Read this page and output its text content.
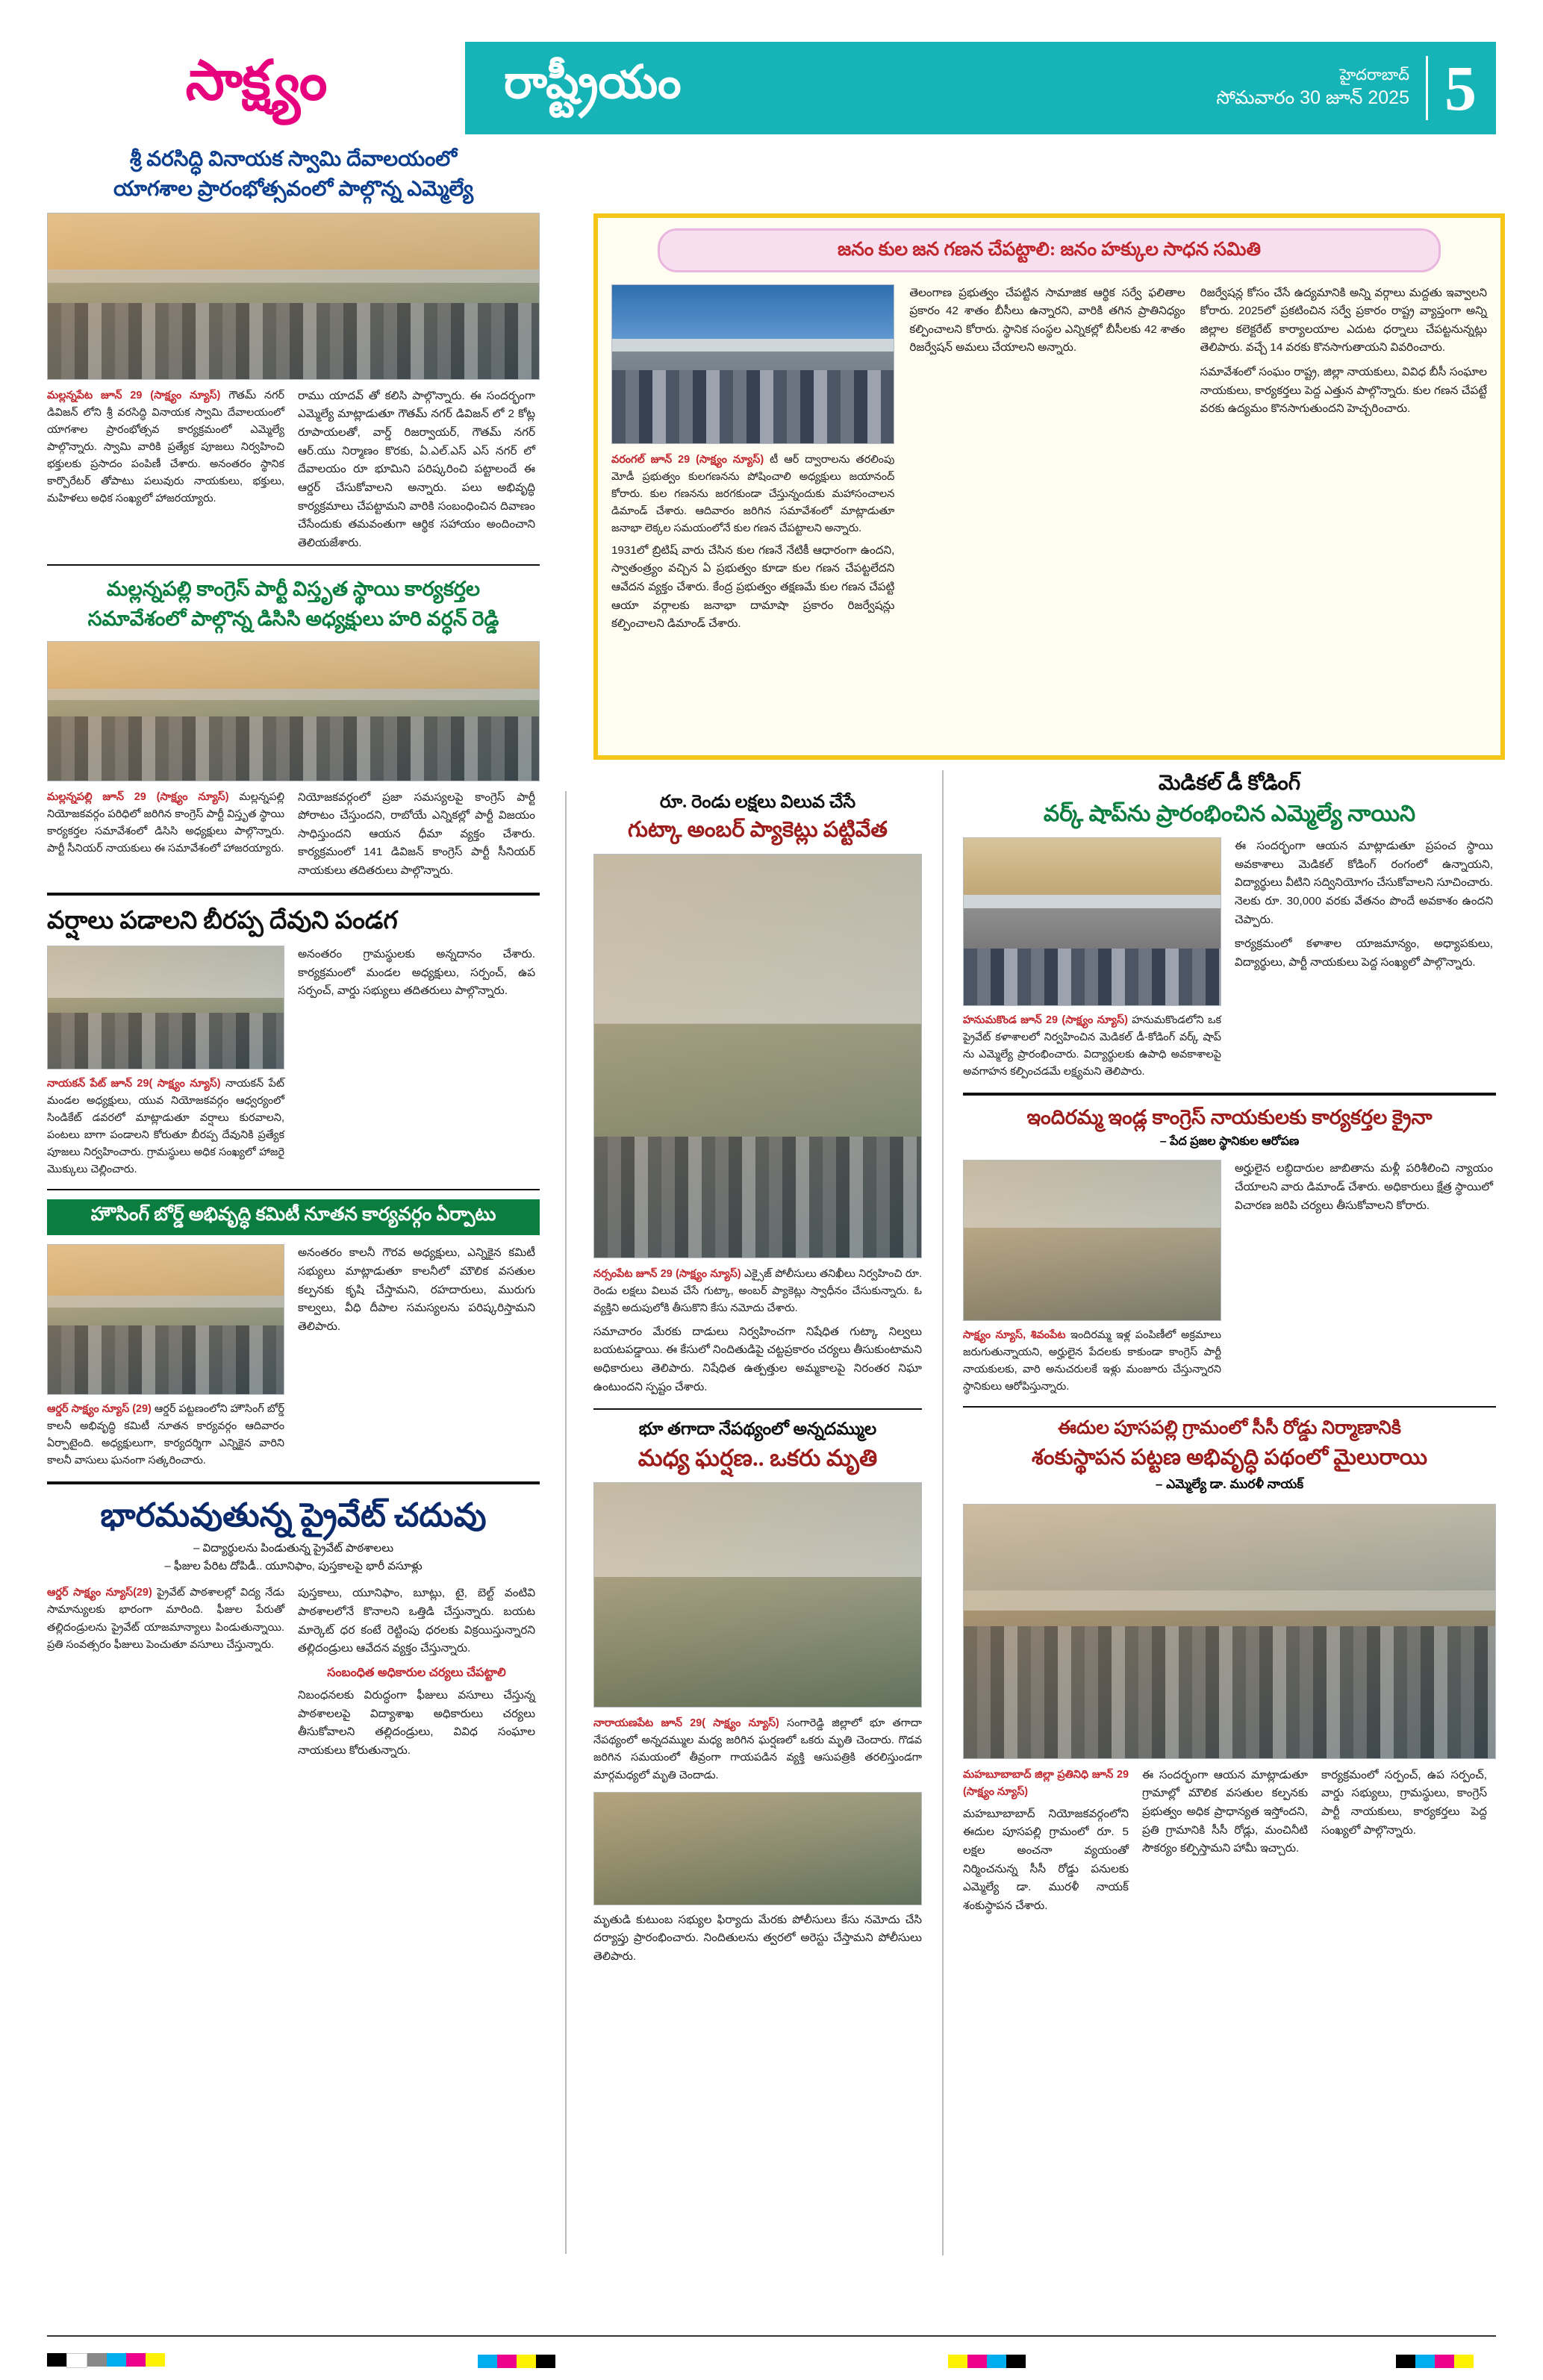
సాక్ష్యం	రాష్ట్రీయం	హైదరాబాద్
సోమవారం 30 జూన్ 2025 5
శ్రీ వరసిద్ధి వినాయక స్వామి దేవాలయంలో
యాగశాల ప్రారంభోత్సవంలో పాల్గొన్న ఎమ్మెల్యే
మల్లన్నపేట జూన్ 29 (సాక్ష్యం న్యూస్) గౌతమ్ నగర్ డివిజన్ లోని శ్రీ వరసిద్ధి వినాయక స్వామి దేవాలయంలో యాగశాల ప్రారంభోత్సవ కార్యక్రమంలో ఎమ్మెల్యే పాల్గొన్నారు. స్వామి వారికి ప్రత్యేక పూజలు నిర్వహించి భక్తులకు ప్రసాదం పంపిణీ చేశారు. అనంతరం స్థానిక కార్పొరేటర్ తోపాటు పలువురు నాయకులు, భక్తులు, మహిళలు అధిక సంఖ్యలో హాజరయ్యారు.
రాము యాదవ్ తో కలిసి పాల్గొన్నారు. ఈ సందర్భంగా ఎమ్మెల్యే మాట్లాడుతూ గౌతమ్ నగర్ డివిజన్ లో 2 కోట్ల రూపాయలతో, వార్డ్ రిజర్వాయర్, గౌతమ్ నగర్ ఆర్.యు నిర్మాణం కొరకు, ఏ.ఎల్.ఎస్ ఎస్ నగర్ లో దేవాలయం రూ భూమిని పరిష్కరించి పట్టాలందే ఈ ఆర్డర్ చేసుకోవాలని అన్నారు. పలు అభివృద్ధి కార్యక్రమాలు చేపట్టామని వారికి సంబంధించిన దివాణం చేసేందుకు తమవంతుగా ఆర్థిక సహాయం అందించాని తెలియజేశారు.
మల్లన్నపల్లి కాంగ్రెస్ పార్టీ విస్తృత స్థాయి కార్యకర్తల
సమావేశంలో పాల్గొన్న డిసిసి అధ్యక్షులు హరి వర్ధన్ రెడ్డి
మల్లన్నపల్లి జూన్ 29 (సాక్ష్యం న్యూస్) మల్లన్నపల్లి నియోజకవర్గం పరిధిలో జరిగిన కాంగ్రెస్ పార్టీ విస్తృత స్థాయి కార్యకర్తల సమావేశంలో డిసిసి అధ్యక్షులు పాల్గొన్నారు. పార్టీ సీనియర్ నాయకులు ఈ సమావేశంలో హాజరయ్యారు.
నియోజకవర్గంలో ప్రజా సమస్యలపై కాంగ్రెస్ పార్టీ పోరాటం చేస్తుందని, రాబోయే ఎన్నికల్లో పార్టీ విజయం సాధిస్తుందని ఆయన ధీమా వ్యక్తం చేశారు. కార్యక్రమంలో 141 డివిజన్ కాంగ్రెస్ పార్టీ సీనియర్ నాయకులు తదితరులు పాల్గొన్నారు.
వర్షాలు పడాలని బీరప్ప దేవుని పండగ
నాయకన్ పేట్ జూన్ 29( సాక్ష్యం న్యూస్) నాయకన్ పేట్ మండల అధ్యక్షులు, యువ నియోజకవర్గం ఆధ్వర్యంలో సిండికేట్ డ‌వ‌ర‌లో మాట్లాడుతూ వర్షాలు కురవాలని, పంటలు బాగా పండాలని కోరుతూ బీరప్ప దేవునికి ప్రత్యేక పూజలు నిర్వహించారు. గ్రామస్థులు అధిక సంఖ్యలో హాజరై మొక్కులు చెల్లించారు.
అనంతరం గ్రామస్థులకు అన్నదానం చేశారు. కార్యక్రమంలో మండల అధ్యక్షులు, సర్పంచ్, ఉప సర్పంచ్, వార్డు సభ్యులు తదితరులు పాల్గొన్నారు.
హౌసింగ్ బోర్డ్ అభివృద్ధి కమిటీ నూతన కార్యవర్గం ఏర్పాటు
ఆర్డర్ సాక్ష్యం న్యూస్ (29) ఆర్డర్ పట్టణంలోని హౌసింగ్ బోర్డ్ కాలనీ అభివృద్ధి కమిటీ నూతన కార్యవర్గం ఆదివారం ఏర్పాటైంది. అధ్యక్షులుగా, కార్యదర్శిగా ఎన్నికైన వారిని కాలనీ వాసులు ఘనంగా సత్కరించారు.
అనంతరం కాలనీ గౌరవ అధ్యక్షులు, ఎన్నికైన కమిటీ సభ్యులు మాట్లాడుతూ కాలనీలో మౌలిక వసతుల కల్పనకు కృషి చేస్తామని, రహదారులు, మురుగు కాల్వలు, వీధి దీపాల సమస్యలను పరిష్కరిస్తామని తెలిపారు.
భారమవుతున్న ప్రైవేట్ చదువు
– విద్యార్థులను పిండుతున్న ప్రైవేట్ పాఠశాలలు
– ఫీజుల పేరిట దోపిడీ.. యూనిఫాం, పుస్తకాలపై భారీ వసూళ్లు
ఆర్డర్ సాక్ష్యం న్యూస్(29) ప్రైవేట్ పాఠశాలల్లో విద్య నేడు సామాన్యులకు భారంగా మారింది. ఫీజుల పేరుతో తల్లిదండ్రులను ప్రైవేట్ యాజమాన్యాలు పిండుతున్నాయి. ప్రతి సంవత్సరం ఫీజులు పెంచుతూ వసూలు చేస్తున్నారు.
పుస్తకాలు, యూనిఫాం, బూట్లు, టై, బెల్ట్ వంటివి పాఠశాలలోనే కొనాలని ఒత్తిడి చేస్తున్నారు. బయట మార్కెట్ ధర కంటే రెట్టింపు ధరలకు విక్రయిస్తున్నారని తల్లిదండ్రులు ఆవేదన వ్యక్తం చేస్తున్నారు.
సంబంధిత అధికారుల చర్యలు చేపట్టాలి
నిబంధనలకు విరుద్ధంగా ఫీజులు వసూలు చేస్తున్న పాఠశాలలపై విద్యాశాఖ అధికారులు చర్యలు తీసుకోవాలని తల్లిదండ్రులు, వివిధ సంఘాల నాయకులు కోరుతున్నారు.
రూ. రెండు లక్షలు విలువ చేసే
గుట్కా అంబర్ ప్యాకెట్లు పట్టివేత
నర్సంపేట జూన్ 29 (సాక్ష్యం న్యూస్) ఎక్సైజ్ పోలీసులు తనిఖీలు నిర్వహించి రూ. రెండు లక్షలు విలువ చేసే గుట్కా, అంబర్ ప్యాకెట్లు స్వాధీనం చేసుకున్నారు. ఓ వ్యక్తిని అదుపులోకి తీసుకొని కేసు నమోదు చేశారు.
సమాచారం మేరకు దాడులు నిర్వహించగా నిషేధిత గుట్కా నిల్వలు బయటపడ్డాయి. ఈ కేసులో నిందితుడిపై చట్టప్రకారం చర్యలు తీసుకుంటామని అధికారులు తెలిపారు. నిషేధిత ఉత్పత్తుల అమ్మకాలపై నిరంతర నిఘా ఉంటుందని స్పష్టం చేశారు.
భూ తగాదా నేపథ్యంలో అన్నదమ్ముల
మధ్య ఘర్షణ.. ఒకరు మృతి
నారాయణపేట జూన్ 29( సాక్ష్యం న్యూస్) సంగారెడ్డి జిల్లాలో భూ తగాదా నేపథ్యంలో అన్నదమ్ముల మధ్య జరిగిన ఘర్షణలో ఒకరు మృతి చెందారు. గొడవ జరిగిన సమయంలో తీవ్రంగా గాయపడిన వ్యక్తి ఆసుపత్రికి తరలిస్తుండగా మార్గమధ్యలో మృతి చెందాడు.
మృతుడి కుటుంబ సభ్యుల ఫిర్యాదు మేరకు పోలీసులు కేసు నమోదు చేసి దర్యాప్తు ప్రారంభించారు. నిందితులను త్వరలో అరెస్టు చేస్తామని పోలీసులు తెలిపారు.
జనం కుల జన గణన చేపట్టాలి: జనం హక్కుల సాధన సమితి
వరంగల్ జూన్ 29 (సాక్ష్యం న్యూస్) టీ ఆర్ ద్వారాలను తరలింపు మోడీ ప్రభుత్వం కులగణనను పోషించాలి అధ్యక్షులు జయానంద్ కోరారు. కుల గణనను జరగకుండా చేస్తున్నందుకు మహాసంచాలన డిమాండ్ చేశారు. ఆదివారం జరిగిన సమావేశంలో మాట్లాడుతూ జనాభా లెక్కల సమయంలోనే కుల గణన చేపట్టాలని అన్నారు.
1931లో బ్రిటిష్ వారు చేసిన కుల గణనే నేటికీ ఆధారంగా ఉందని, స్వాతంత్ర్యం వచ్చిన ఏ ప్రభుత్వం కూడా కుల గణన చేపట్టలేదని ఆవేదన వ్యక్తం చేశారు. కేంద్ర ప్రభుత్వం తక్షణమే కుల గణన చేపట్టి ఆయా వర్గాలకు జనాభా దామాషా ప్రకారం రిజర్వేషన్లు కల్పించాలని డిమాండ్ చేశారు.
తెలంగాణ ప్రభుత్వం చేపట్టిన సామాజిక ఆర్థిక సర్వే ఫలితాల ప్రకారం 42 శాతం బీసీలు ఉన్నారని, వారికి తగిన ప్రాతినిధ్యం కల్పించాలని కోరారు. స్థానిక సంస్థల ఎన్నికల్లో బీసీలకు 42 శాతం రిజర్వేషన్ అమలు చేయాలని అన్నారు.
రిజర్వేషన్ల కోసం చేసే ఉద్యమానికి అన్ని వర్గాలు మద్దతు ఇవ్వాలని కోరారు. 2025లో ప్రకటించిన సర్వే ప్రకారం రాష్ట్ర వ్యాప్తంగా అన్ని జిల్లాల కలెక్టరేట్ కార్యాలయాల ఎదుట ధర్నాలు చేపట్టనున్నట్లు తెలిపారు. వచ్చే 14 వరకు కొనసాగుతాయని వివరించారు.
సమావేశంలో సంఘం రాష్ట్ర, జిల్లా నాయకులు, వివిధ బీసీ సంఘాల నాయకులు, కార్యకర్తలు పెద్ద ఎత్తున పాల్గొన్నారు. కుల గణన చేపట్టే వరకు ఉద్యమం కొనసాగుతుందని హెచ్చరించారు.
మెడికల్ డీ కోడింగ్
వర్క్ షాప్‌ను ప్రారంభించిన ఎమ్మెల్యే నాయిని
హనుమకొండ జూన్ 29 (సాక్ష్యం న్యూస్) హనుమకొండలోని ఒక ప్రైవేట్ కళాశాలలో నిర్వహించిన మెడికల్ డీ-కోడింగ్ వర్క్ షాప్ ను ఎమ్మెల్యే ప్రారంభించారు. విద్యార్థులకు ఉపాధి అవకాశాలపై అవగాహన కల్పించడమే లక్ష్యమని తెలిపారు.
ఈ సందర్భంగా ఆయన మాట్లాడుతూ ప్రపంచ స్థాయి అవకాశాలు మెడికల్ కోడింగ్ రంగంలో ఉన్నాయని, విద్యార్థులు వీటిని సద్వినియోగం చేసుకోవాలని సూచించారు. నెలకు రూ. 30,000 వరకు వేతనం పొందే అవకాశం ఉందని చెప్పారు.
కార్యక్రమంలో కళాశాల యాజమాన్యం, అధ్యాపకులు, విద్యార్థులు, పార్టీ నాయకులు పెద్ద సంఖ్యలో పాల్గొన్నారు.
ఇందిరమ్మ ఇండ్ల కాంగ్రెస్ నాయకులకు కార్యకర్తల క్రైనా
– పేద ప్రజల స్థానికుల ఆరోపణ
సాక్ష్యం న్యూస్, శివంపేట ఇందిరమ్మ ఇళ్ల పంపిణీలో అక్రమాలు జరుగుతున్నాయని, అర్హులైన పేదలకు కాకుండా కాంగ్రెస్ పార్టీ నాయకులకు, వారి అనుచరులకే ఇళ్లు మంజూరు చేస్తున్నారని స్థానికులు ఆరోపిస్తున్నారు.
అర్హులైన లబ్ధిదారుల జాబితాను మళ్లీ పరిశీలించి న్యాయం చేయాలని వారు డిమాండ్ చేశారు. అధికారులు క్షేత్ర స్థాయిలో విచారణ జరిపి చర్యలు తీసుకోవాలని కోరారు.
ఈదుల పూసపల్లి గ్రామంలో సీసీ రోడ్డు నిర్మాణానికి
శంకుస్థాపన పట్టణ అభివృద్ధి పథంలో మైలురాయి
– ఎమ్మెల్యే డా. మురళీ నాయక్
మహబూబాబాద్ జిల్లా ప్రతినిధి జూన్ 29 (సాక్ష్యం న్యూస్)
మహబూబాబాద్ నియోజకవర్గంలోని ఈదుల పూసపల్లి గ్రామంలో రూ. 5 లక్షల అంచనా వ్యయంతో నిర్మించనున్న సీసీ రోడ్డు పనులకు ఎమ్మెల్యే డా. మురళీ నాయక్ శంకుస్థాపన చేశారు.
ఈ సందర్భంగా ఆయన మాట్లాడుతూ గ్రామాల్లో మౌలిక వసతుల కల్పనకు ప్రభుత్వం అధిక ప్రాధాన్యత ఇస్తోందని, ప్రతి గ్రామానికి సీసీ రోడ్లు, మంచినీటి సౌకర్యం కల్పిస్తామని హామీ ఇచ్చారు.
కార్యక్రమంలో సర్పంచ్, ఉప సర్పంచ్, వార్డు సభ్యులు, గ్రామస్థులు, కాంగ్రెస్ పార్టీ నాయకులు, కార్యకర్తలు పెద్ద సంఖ్యలో పాల్గొన్నారు.
